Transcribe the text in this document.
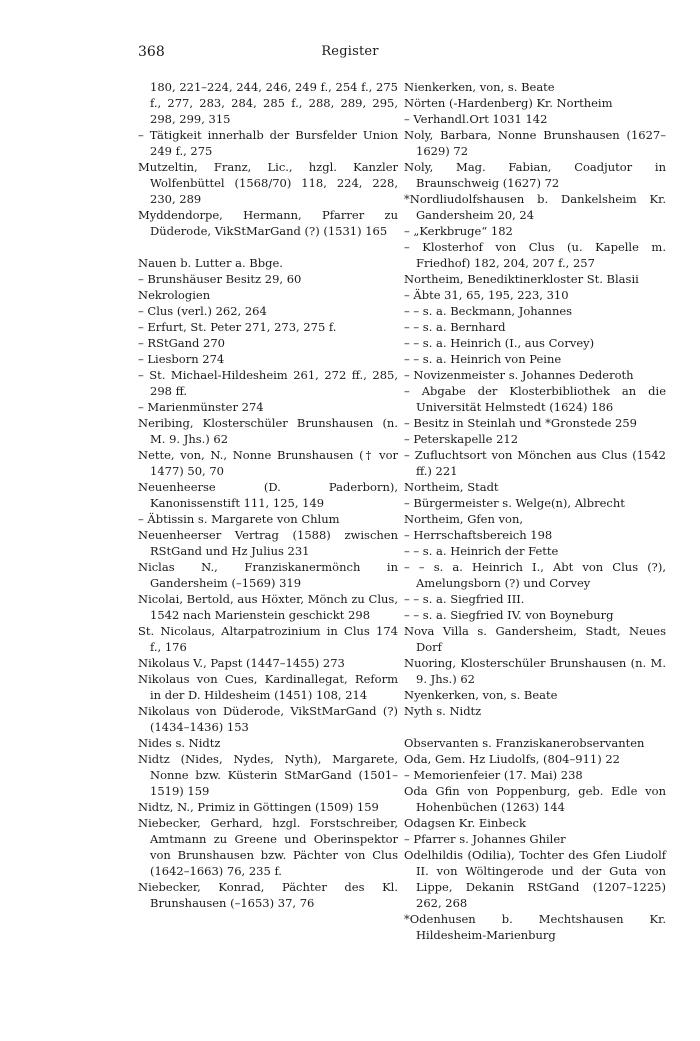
368	Register

180, 221–224, 244, 246, 249 f., 254 f., 275 f., 277, 283, 284, 285 f., 288, 289, 295, 298, 299, 315

– Tätigkeit innerhalb der Bursfelder Union 249 f., 275

Mutzeltin, Franz, Lic., hzgl. Kanzler Wolfenbüttel (1568/70) 118, 224, 228, 230, 289

Myddendorpe, Hermann, Pfarrer zu Düderode, VikStMarGand (?) (1531) 165

Nauen b. Lutter a. Bbge.

– Brunshäuser Besitz 29, 60

Nekrologien

– Clus (verl.) 262, 264

– Erfurt, St. Peter 271, 273, 275 f.

– RStGand 270

– Liesborn 274

– St. Michael-Hildesheim 261, 272 ff., 285, 298 ff.

– Marienmünster 274

Neribing, Klosterschüler Brunshausen (n. M. 9. Jhs.) 62

Nette, von, N., Nonne Brunshausen († vor 1477) 50, 70

Neuenheerse (D. Paderborn), Kanonissenstift 111, 125, 149

– Äbtissin s. Margarete von Chlum

Neuenheerser Vertrag (1588) zwischen RStGand und Hz Julius 231

Niclas N., Franziskanermönch in Gandersheim (–1569) 319

Nicolai, Bertold, aus Höxter, Mönch zu Clus, 1542 nach Marienstein geschickt 298

St. Nicolaus, Altarpatrozinium in Clus 174 f., 176

Nikolaus V., Papst (1447–1455) 273

Nikolaus von Cues, Kardinallegat, Reform in der D. Hildesheim (1451) 108, 214

Nikolaus von Düderode, VikStMarGand (?) (1434–1436) 153

Nides s. Nidtz

Nidtz (Nides, Nydes, Nyth), Margarete, Nonne bzw. Küsterin StMarGand (1501–1519) 159

Nidtz, N., Primiz in Göttingen (1509) 159

Niebecker, Gerhard, hzgl. Forstschreiber, Amtmann zu Greene und Oberinspektor von Brunshausen bzw. Pächter von Clus (1642–1663) 76, 235 f.

Niebecker, Konrad, Pächter des Kl. Brunshausen (–1653) 37, 76

Nienkerken, von, s. Beate

Nörten (-Hardenberg) Kr. Northeim

– Verhandl.Ort 1031 142

Noly, Barbara, Nonne Brunshausen (1627–1629) 72

Noly, Mag. Fabian, Coadjutor in Braunschweig (1627) 72

*Nordliudolfshausen b. Dankelsheim Kr. Gandersheim 20, 24

– „Kerkbruge“ 182

– Klosterhof von Clus (u. Kapelle m. Friedhof) 182, 204, 207 f., 257

Northeim, Benediktinerkloster St. Blasii

– Äbte 31, 65, 195, 223, 310

– – s. a. Beckmann, Johannes

– – s. a. Bernhard

– – s. a. Heinrich (I., aus Corvey)

– – s. a. Heinrich von Peine

– Novizenmeister s. Johannes Dederoth

– Abgabe der Klosterbibliothek an die Universität Helmstedt (1624) 186

– Besitz in Steinlah und *Gronstede 259

– Peterskapelle 212

– Zufluchtsort von Mönchen aus Clus (1542 ff.) 221

Northeim, Stadt

– Bürgermeister s. Welge(n), Albrecht

Northeim, Gfen von,

– Herrschaftsbereich 198

– – s. a. Heinrich der Fette

– – s. a. Heinrich I., Abt von Clus (?), Amelungsborn (?) und Corvey

– – s. a. Siegfried III.

– – s. a. Siegfried IV. von Boyneburg

Nova Villa s. Gandersheim, Stadt, Neues Dorf

Nuoring, Klosterschüler Brunshausen (n. M. 9. Jhs.) 62

Nyenkerken, von, s. Beate

Nyth s. Nidtz

Observanten s. Franziskanerobservanten

Oda, Gem. Hz Liudolfs, (804–911) 22

– Memorienfeier (17. Mai) 238

Oda Gfin von Poppenburg, geb. Edle von Hohenbüchen (1263) 144

Odagsen Kr. Einbeck

– Pfarrer s. Johannes Ghiler

Odelhildis (Odilia), Tochter des Gfen Liudolf II. von Wöltingerode und der Guta von Lippe, Dekanin RStGand (1207–1225) 262, 268

*Odenhusen b. Mechtshausen Kr. Hildesheim-Marienburg
